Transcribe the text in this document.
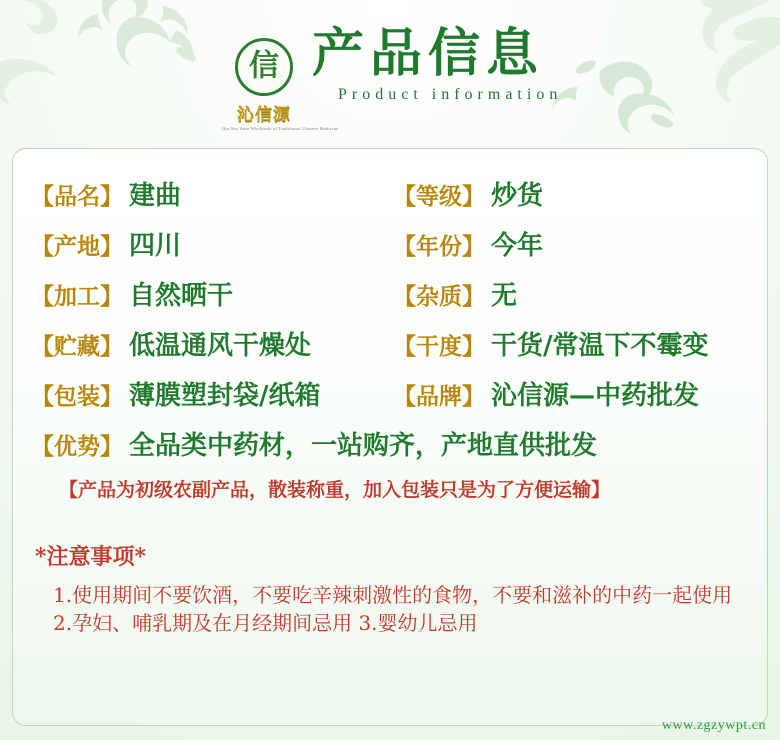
信
沁信源
Qin Xin Yuan Wholesale of Traditional Chinese Medicine
产品信息
Product information
【品名】 建曲	【等级】 炒货
【产地】 四川	【年份】 今年
【加工】 自然晒干	【杂质】 无
【贮藏】 低温通风干燥处	【干度】 干货/常温下不霉变
【包装】 薄膜塑封袋/纸箱	【品牌】 沁信源—中药批发
【优势】 全品类中药材，一站购齐，产地直供批发
【产品为初级农副产品，散装称重，加入包装只是为了方便运输】
*注意事项*
1.使用期间不要饮酒，不要吃辛辣刺激性的食物，不要和滋补的中药一起使用 2.孕妇、哺乳期及在月经期间忌用 3.婴幼儿忌用
www.zgzywpt.cn
